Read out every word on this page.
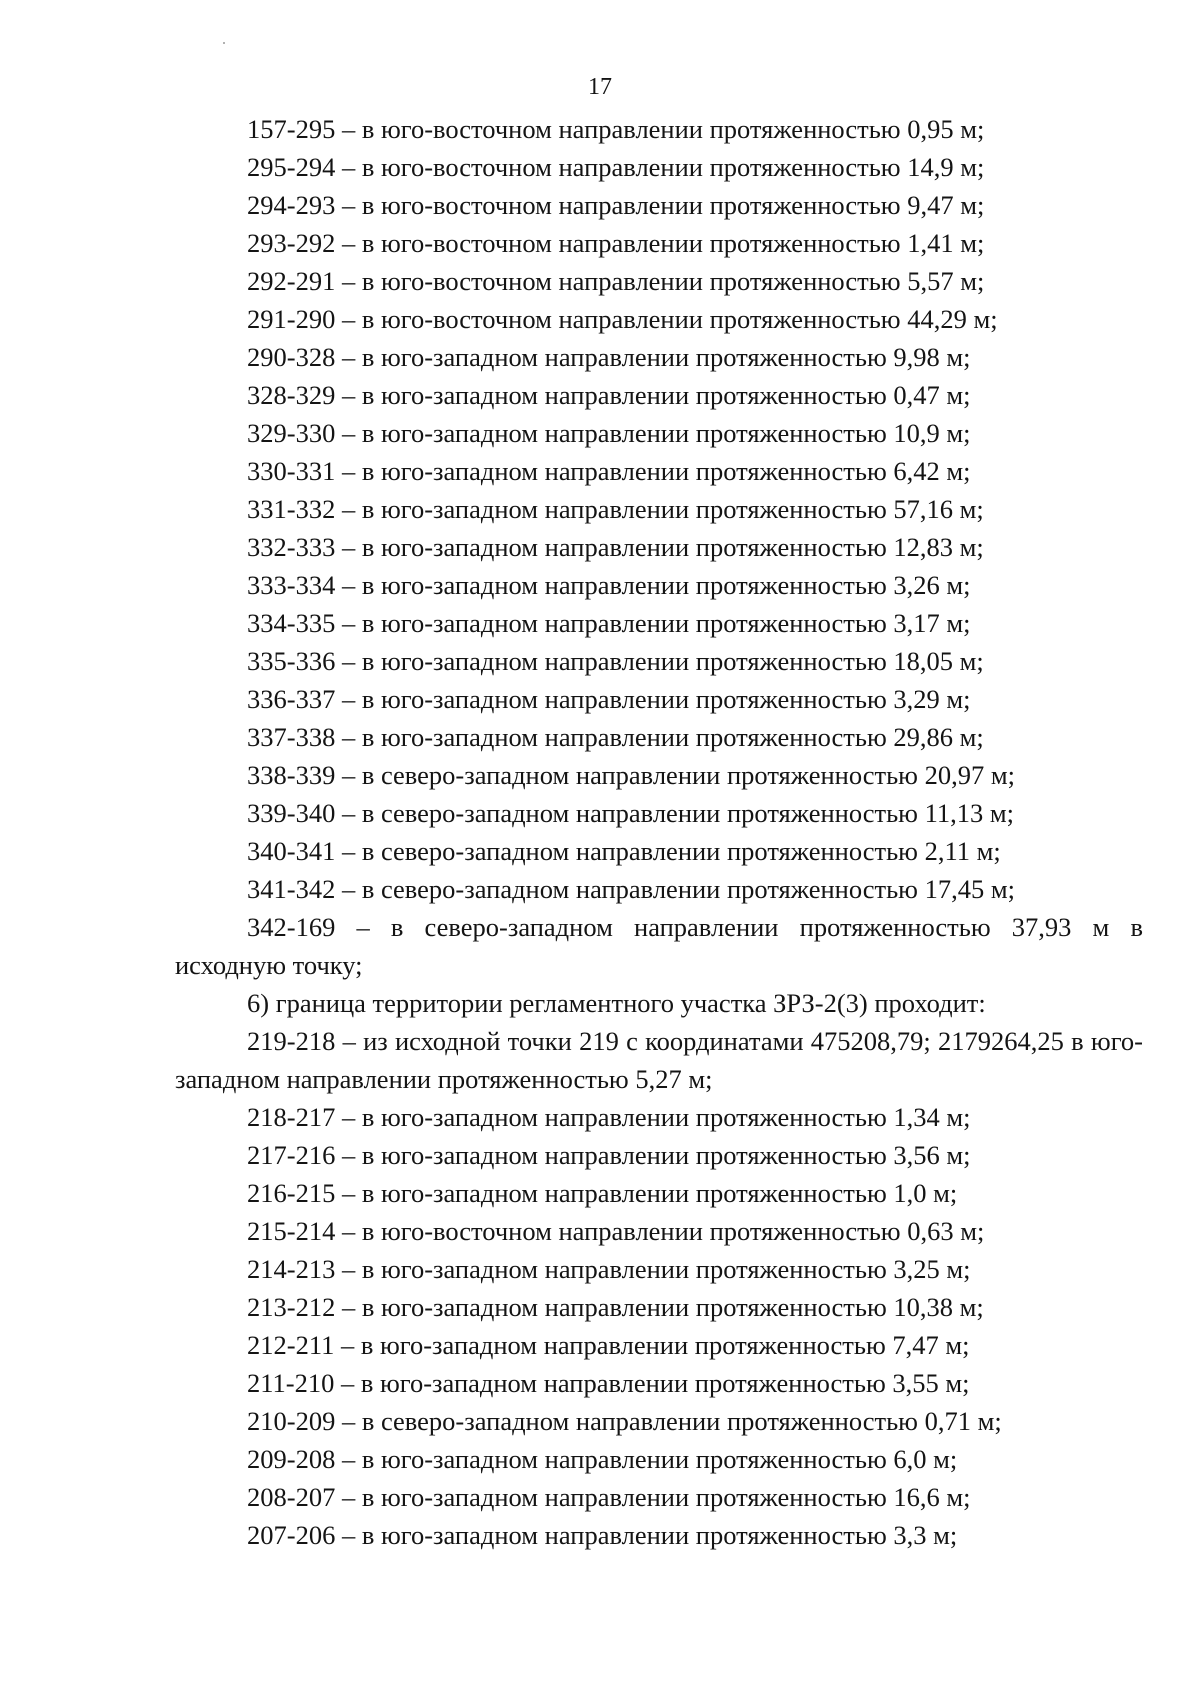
17

157-295 – в юго-восточном направлении протяженностью 0,95 м;

295-294 – в юго-восточном направлении протяженностью 14,9 м;

294-293 – в юго-восточном направлении протяженностью 9,47 м;

293-292 – в юго-восточном направлении протяженностью 1,41 м;

292-291 – в юго-восточном направлении протяженностью 5,57 м;

291-290 – в юго-восточном направлении протяженностью 44,29 м;

290-328 – в юго-западном направлении протяженностью 9,98 м;

328-329 – в юго-западном направлении протяженностью 0,47 м;

329-330 – в юго-западном направлении протяженностью 10,9 м;

330-331 – в юго-западном направлении протяженностью 6,42 м;

331-332 – в юго-западном направлении протяженностью 57,16 м;

332-333 – в юго-западном направлении протяженностью 12,83 м;

333-334 – в юго-западном направлении протяженностью 3,26 м;

334-335 – в юго-западном направлении протяженностью 3,17 м;

335-336 – в юго-западном направлении протяженностью 18,05 м;

336-337 – в юго-западном направлении протяженностью 3,29 м;

337-338 – в юго-западном направлении протяженностью 29,86 м;

338-339 – в северо-западном направлении протяженностью 20,97 м;

339-340 – в северо-западном направлении протяженностью 11,13 м;

340-341 – в северо-западном направлении протяженностью 2,11 м;

341-342 – в северо-западном направлении протяженностью 17,45 м;

342-169 – в северо-западном направлении протяженностью 37,93 м в исходную точку;

6) граница территории регламентного участка ЗРЗ-2(3) проходит:

219-218 – из исходной точки 219 с координатами 475208,79; 2179264,25 в юго-западном направлении протяженностью 5,27 м;

218-217 – в юго-западном направлении протяженностью 1,34 м;

217-216 – в юго-западном направлении протяженностью 3,56 м;

216-215 – в юго-западном направлении протяженностью 1,0 м;

215-214 – в юго-восточном направлении протяженностью 0,63 м;

214-213 – в юго-западном направлении протяженностью 3,25 м;

213-212 – в юго-западном направлении протяженностью 10,38 м;

212-211 – в юго-западном направлении протяженностью 7,47 м;

211-210 – в юго-западном направлении протяженностью 3,55 м;

210-209 – в северо-западном направлении протяженностью 0,71 м;

209-208 – в юго-западном направлении протяженностью 6,0 м;

208-207 – в юго-западном направлении протяженностью 16,6 м;

207-206 – в юго-западном направлении протяженностью 3,3 м;
